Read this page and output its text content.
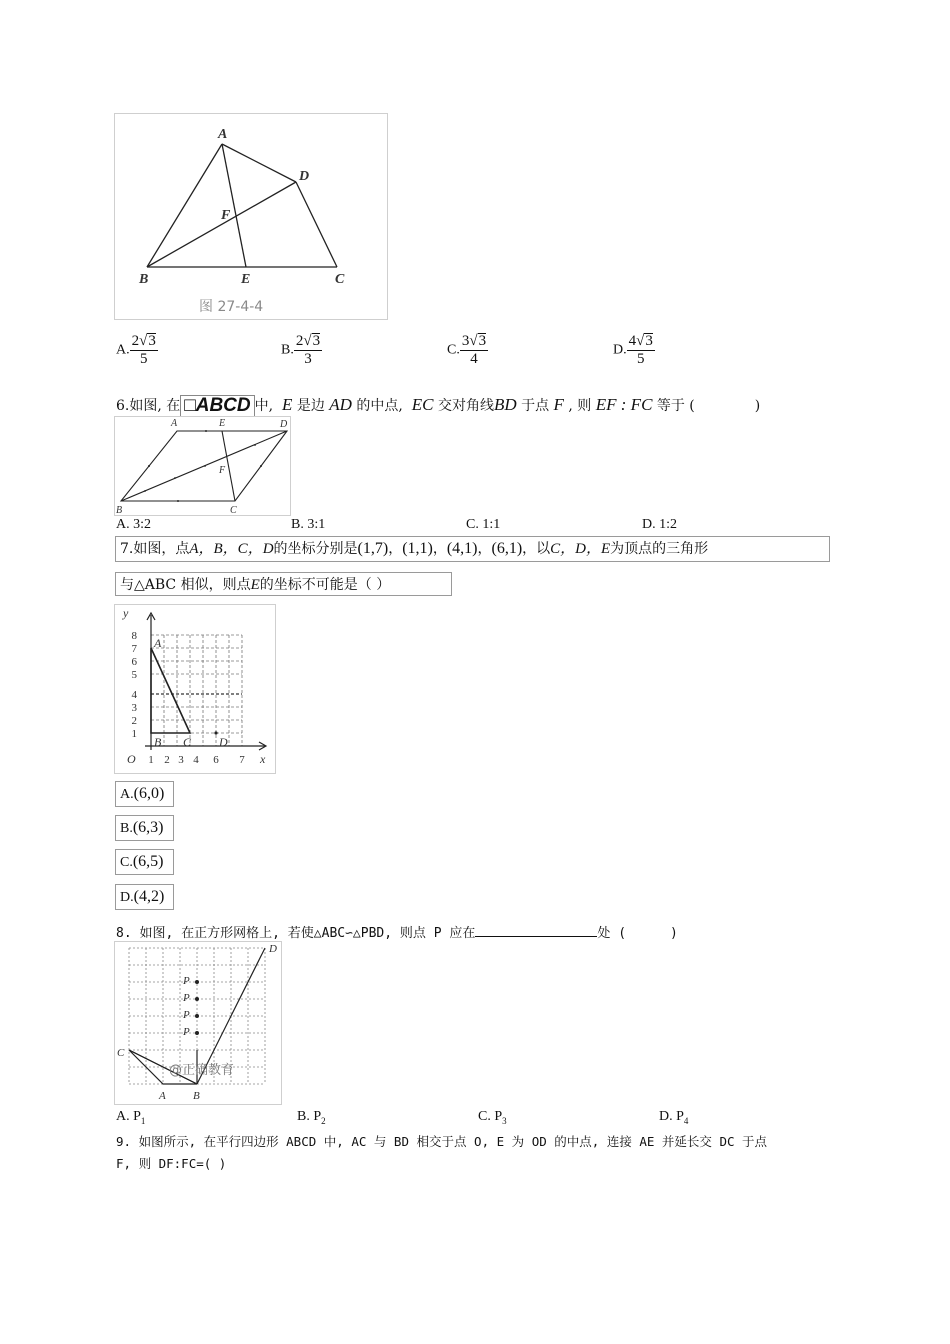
A
D
F
B	E	C
图 27-4-4
A. $\frac{2√3}{5}$	B. $\frac{2√3}{3}$	C. $\frac{3√3}{4}$	D. $\frac{4√3}{5}$
6.如图, 在 □ABCD 中, E 是边 AD 的中点, EC 交对角线BD 于点 F , 则 EF : FC 等于 (	)
A	E	D
F
B	C
A. 3:2	B. 3:1	C. 1:1	D. 1:2
7.如图，点A，B，C，D的坐标分别是(1,7)，(1,1)，(4,1)，(6,1)，以C，D，E为顶点的三角形
与△ABC 相似，则点E的坐标不可能是（ ）
y
x
O
A
B C D
8
7
6
5
4
3
2
1
1 2 3 4 6 7
A.(6,0)
B.(6,3)
C.(6,5)
D.(4,2)
8. 如图, 在正方形网格上, 若使△ABC∽△PBD, 则点 P 应在	处 (	)
@正确教育
C
A B
D
P
P
P
P
A. $P_1$	B. $P_2$	C. $P_3$	D. $P_4$
9. 如图所示, 在平行四边形 ABCD 中, AC 与 BD 相交于点 O, E 为 OD 的中点, 连接 AE 并延长交 DC 于点
F, 则 DF:FC=( )
